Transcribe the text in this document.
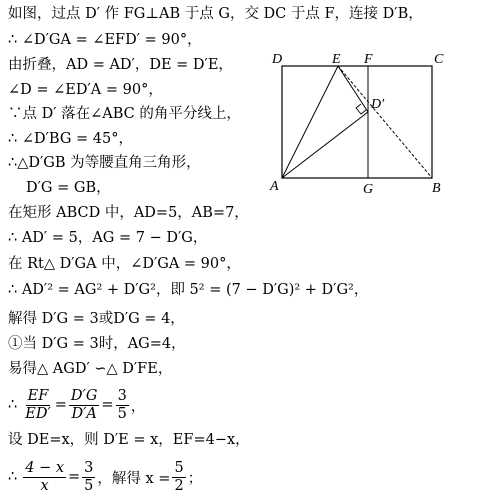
如图，过点 D′ 作 FG⊥AB 于点 G，交 DC 于点 F，连接 D′B，
∴ ∠D′GA = ∠EFD′ = 90°，
由折叠，AD = AD′，DE = D′E，
∠D = ∠ED′A = 90°，
∵点 D′ 落在∠ABC 的角平分线上，
∴ ∠D′BG = 45°，
∴△D′GB 为等腰直角三角形，
D′G = GB，
在矩形 ABCD 中，AD=5，AB=7，
∴ AD′ = 5，AG = 7 − D′G，
在 Rt△ D′GA 中，∠D′GA = 90°，
∴ AD′² = AG² + D′G²，即 5² = (7 − D′G)² + D′G²，
解得 D′G = 3或D′G = 4，
①当 D′G = 3时，AG=4，
易得△ AGD′ ∽△ D′FE，
∴ $\frac{EF}{ED'} = \frac{D'G}{D'A} = \frac{3}{5}$ ，
设 DE=x，则 D′E = x，EF=4−x，
∴ $\frac{4 - x}{x} = \frac{3}{5}$ ，解得 $x = \frac{5}{2}$ ；
D	E F	C
D′
A	G	B
